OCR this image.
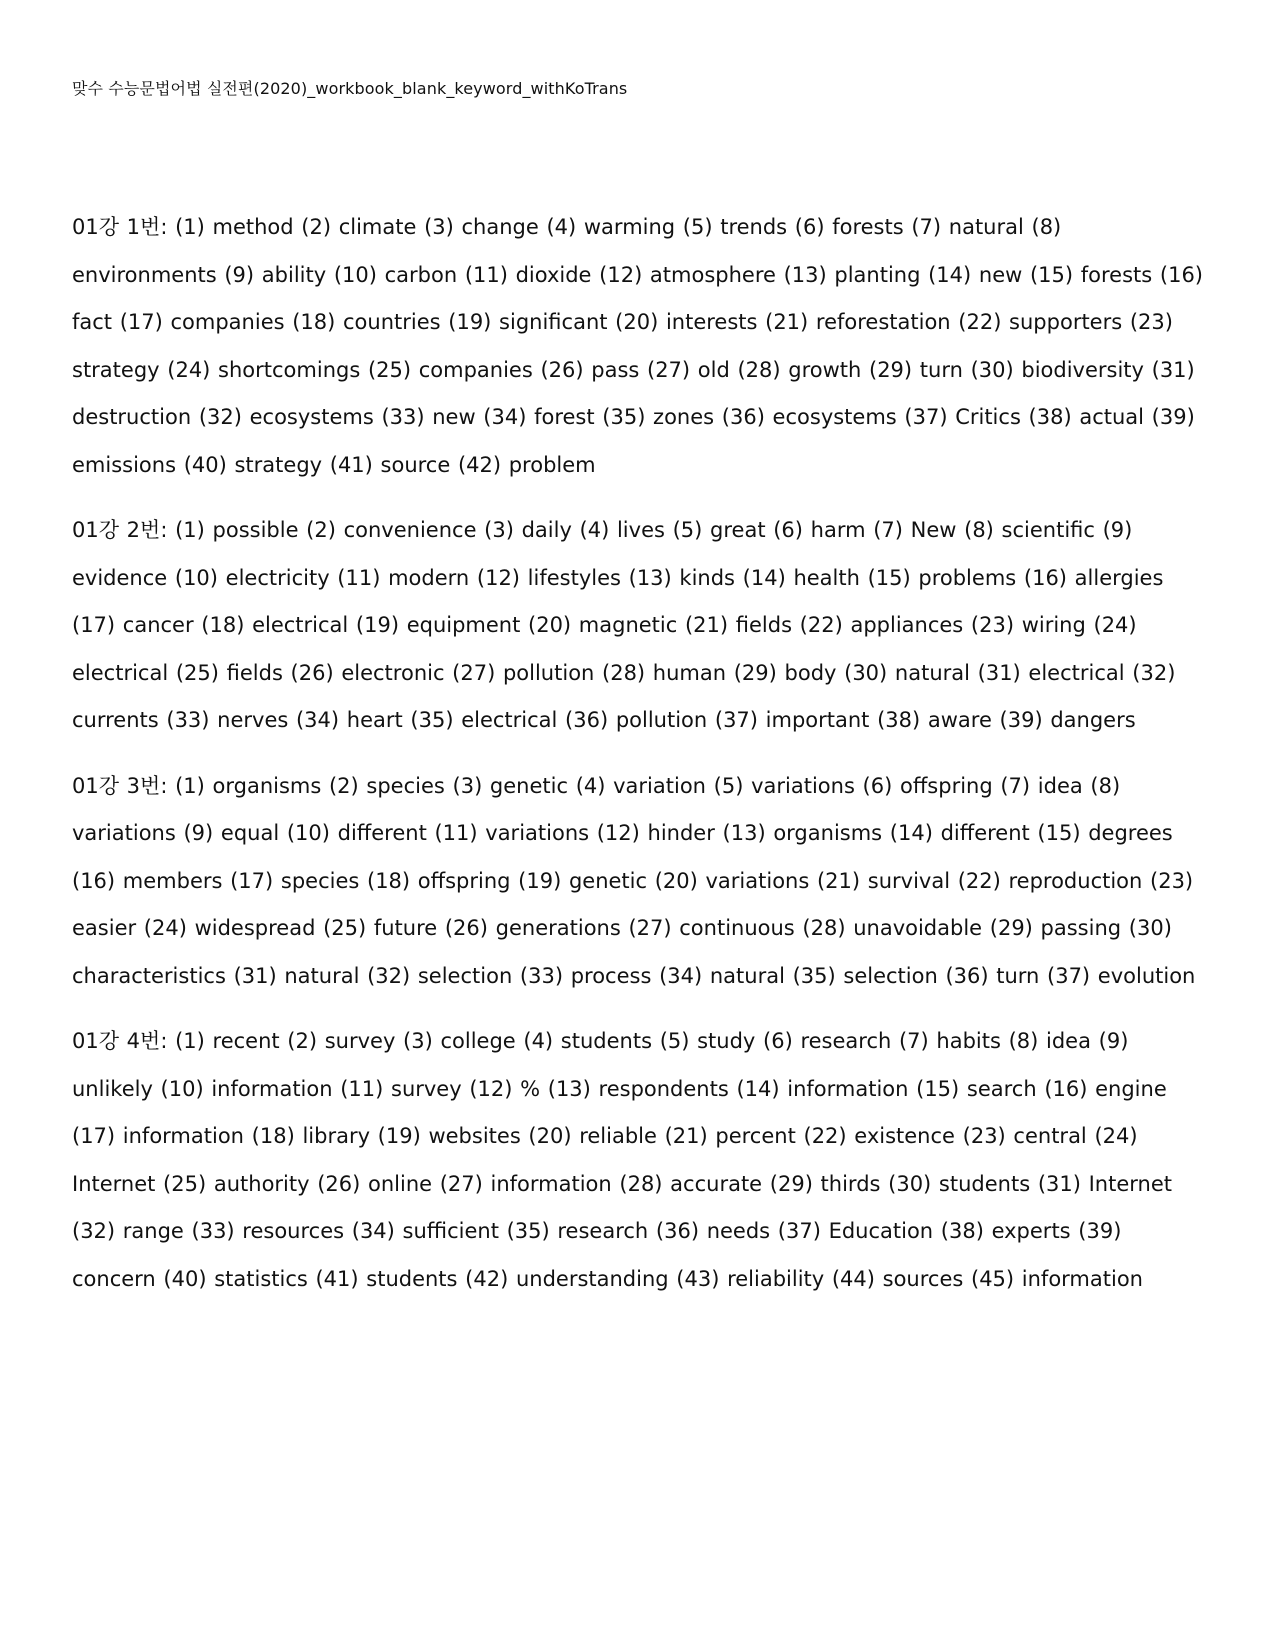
맞수 수능문법어법 실전편(2020)_workbook_blank_keyword_withKoTrans

01강 1번: (1) method (2) climate (3) change (4) warming (5) trends (6) forests (7) natural (8) environments (9) ability (10) carbon (11) dioxide (12) atmosphere (13) planting (14) new (15) forests (16) fact (17) companies (18) countries (19) significant (20) interests (21) reforestation (22) supporters (23) strategy (24) shortcomings (25) companies (26) pass (27) old (28) growth (29) turn (30) biodiversity (31) destruction (32) ecosystems (33) new (34) forest (35) zones (36) ecosystems (37) Critics (38) actual (39) emissions (40) strategy (41) source (42) problem

01강 2번: (1) possible (2) convenience (3) daily (4) lives (5) great (6) harm (7) New (8) scientific (9) evidence (10) electricity (11) modern (12) lifestyles (13) kinds (14) health (15) problems (16) allergies (17) cancer (18) electrical (19) equipment (20) magnetic (21) fields (22) appliances (23) wiring (24) electrical (25) fields (26) electronic (27) pollution (28) human (29) body (30) natural (31) electrical (32) currents (33) nerves (34) heart (35) electrical (36) pollution (37) important (38) aware (39) dangers

01강 3번: (1) organisms (2) species (3) genetic (4) variation (5) variations (6) offspring (7) idea (8) variations (9) equal (10) different (11) variations (12) hinder (13) organisms (14) different (15) degrees (16) members (17) species (18) offspring (19) genetic (20) variations (21) survival (22) reproduction (23) easier (24) widespread (25) future (26) generations (27) continuous (28) unavoidable (29) passing (30) characteristics (31) natural (32) selection (33) process (34) natural (35) selection (36) turn (37) evolution

01강 4번: (1) recent (2) survey (3) college (4) students (5) study (6) research (7) habits (8) idea (9) unlikely (10) information (11) survey (12) % (13) respondents (14) information (15) search (16) engine (17) information (18) library (19) websites (20) reliable (21) percent (22) existence (23) central (24) Internet (25) authority (26) online (27) information (28) accurate (29) thirds (30) students (31) Internet (32) range (33) resources (34) sufficient (35) research (36) needs (37) Education (38) experts (39) concern (40) statistics (41) students (42) understanding (43) reliability (44) sources (45) information
